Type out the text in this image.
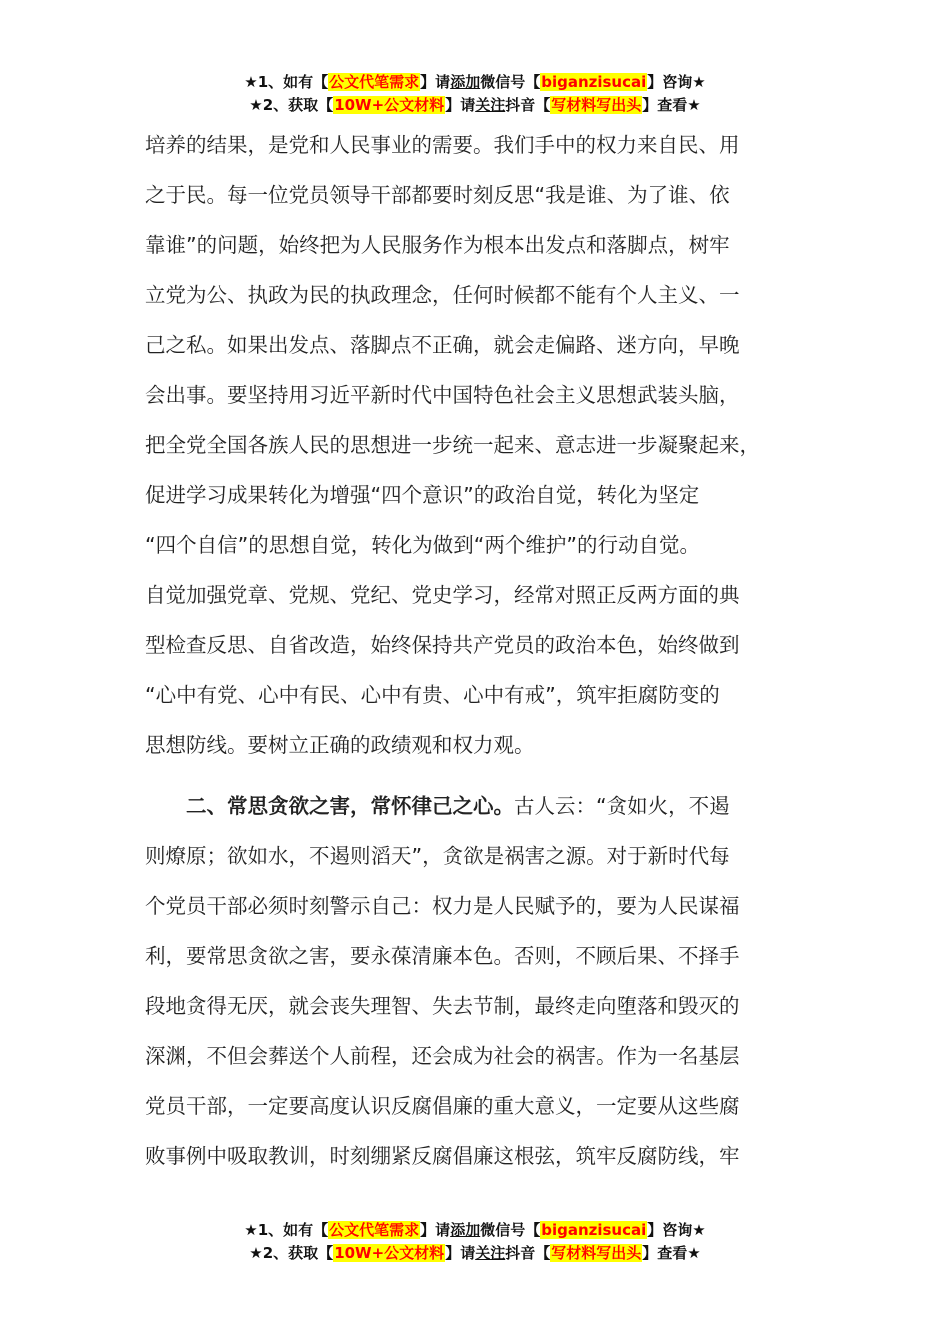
★1、如有【公文代笔需求】请添加微信号【biganzisucai】咨询★
★2、获取【10W+公文材料】请关注抖音【写材料写出头】查看★
培养的结果，是党和人民事业的需要。我们手中的权力来自民、用
之于民。每一位党员领导干部都要时刻反思“我是谁、为了谁、依
靠谁”的问题，始终把为人民服务作为根本出发点和落脚点，树牢
立党为公、执政为民的执政理念，任何时候都不能有个人主义、一
己之私。如果出发点、落脚点不正确，就会走偏路、迷方向，早晚
会出事。要坚持用习近平新时代中国特色社会主义思想武装头脑，
把全党全国各族人民的思想进一步统一起来、意志进一步凝聚起来，
促进学习成果转化为增强“四个意识”的政治自觉，转化为坚定
“四个自信”的思想自觉，转化为做到“两个维护”的行动自觉。
自觉加强党章、党规、党纪、党史学习，经常对照正反两方面的典
型检查反思、自省改造，始终保持共产党员的政治本色，始终做到
“心中有党、心中有民、心中有贵、心中有戒”，筑牢拒腐防变的
思想防线。要树立正确的政绩观和权力观。
二、常思贪欲之害，常怀律己之心。古人云：“贪如火，不遏
则燎原；欲如水，不遏则滔天”，贪欲是祸害之源。对于新时代每
个党员干部必须时刻警示自己：权力是人民赋予的，要为人民谋福
利，要常思贪欲之害，要永葆清廉本色。否则，不顾后果、不择手
段地贪得无厌，就会丧失理智、失去节制，最终走向堕落和毁灭的
深渊，不但会葬送个人前程，还会成为社会的祸害。作为一名基层
党员干部，一定要高度认识反腐倡廉的重大意义，一定要从这些腐
败事例中吸取教训，时刻绷紧反腐倡廉这根弦，筑牢反腐防线，牢
★1、如有【公文代笔需求】请添加微信号【biganzisucai】咨询★
★2、获取【10W+公文材料】请关注抖音【写材料写出头】查看★
